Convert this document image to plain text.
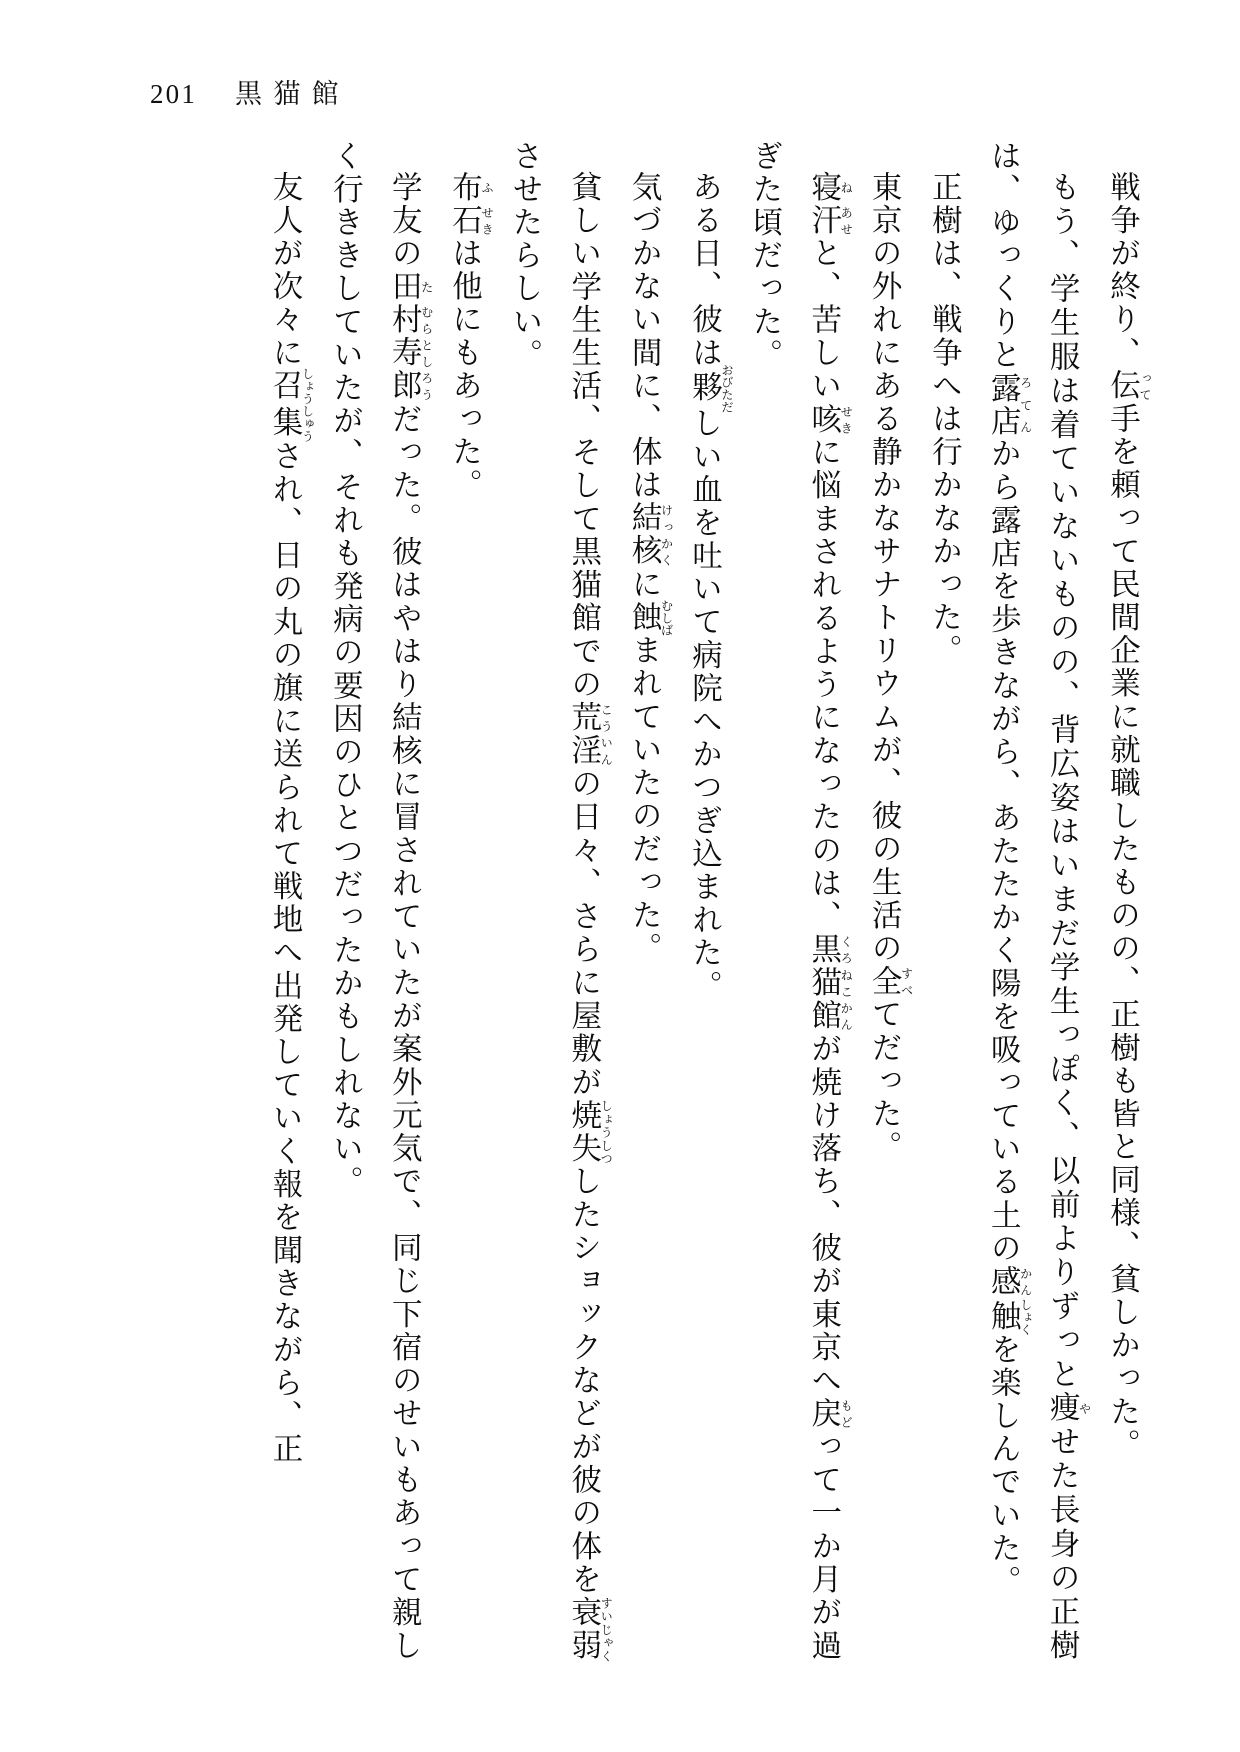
201 黒猫館

戦争が終り、伝って手を頼って民間企業に就職したものの、正樹も皆と同様、貧しかった。

もう、学生服は着ていないものの、背広姿はいまだ学生っぽく、以前よりずっと痩やせた長身の正樹は、ゆっくりと露店ろてんから露店を歩きながら、あたたかく陽を吸っている土の感かん触しょくを楽しんでいた。

正樹は、戦争へは行かなかった。

東京の外れにある静かなサナトリウムが、彼の生活の全すべてだった。

寝ね汗あせと、苦しい咳せきに悩まされるようになったのは、黒猫館くろねこかんが焼け落ち、彼が東京へ戻もどって一か月が過ぎた頃だった。

ある日、彼は夥おびただしい血を吐いて病院へかつぎ込まれた。

気づかない間に、体は結核けっかくに蝕むしばまれていたのだった。

貧しい学生生活、そして黒猫館での荒淫こういんの日々、さらに屋敷が焼失しょうしつしたショックなどが彼の体を衰弱すいじゃくさせたらしい。

布ふ石せきは他にもあった。

学友の田た村むら寿郎としろうだった。彼はやはり結核に冒されていたが案外元気で、同じ下宿のせいもあって親しく行ききしていたが、それも発病の要因のひとつだったかもしれない。

友人が次々に召集しょうしゅうされ、日の丸の旗に送られて戦地へ出発していく報を聞きながら、正
